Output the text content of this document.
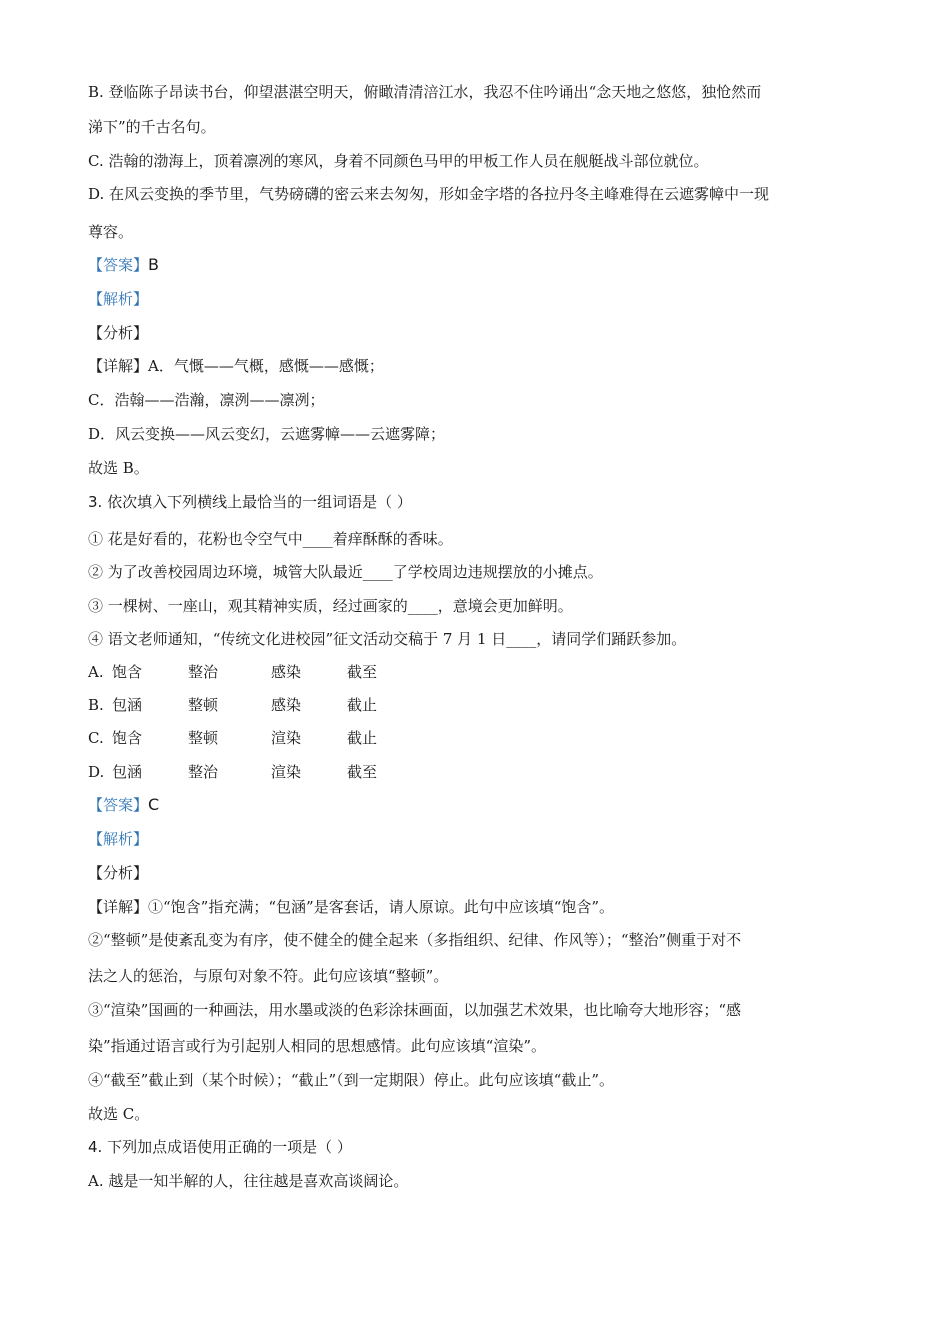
B. 登临陈子昂读书台，仰望湛湛空明天，俯瞰清清涪江水，我忍不住吟诵出“念天地之悠悠，独怆然而
涕下”的千古名句。
C. 浩翰的渤海上，顶着凛冽的寒风，身着不同颜色马甲的甲板工作人员在舰艇战斗部位就位。
D. 在风云变换的季节里，气势磅礴的密云来去匆匆，形如金字塔的各拉丹冬主峰难得在云遮雾幛中一现
尊容。
【答案】B
【解析】
【分析】
【详解】A．气慨——气概，感慨——感慨；
C．浩翰——浩瀚，凛洌——凛冽；
D．风云变换——风云变幻，云遮雾幛——云遮雾障；
故选 B。
3. 依次填入下列横线上最恰当的一组词语是（ ）
① 花是好看的，花粉也令空气中____着痒酥酥的香味。
② 为了改善校园周边环境，城管大队最近____了学校周边违规摆放的小摊点。
③ 一棵树、一座山，观其精神实质，经过画家的____，意境会更加鲜明。
④ 语文老师通知，“传统文化进校园”征文活动交稿于 7 月 1 日____，请同学们踊跃参加。
A. 饱含	整治	感染	截至
B. 包涵	整顿	感染	截止
C. 饱含	整顿	渲染	截止
D. 包涵	整治	渲染	截至
【答案】C
【解析】
【分析】
【详解】①“饱含”指充满；“包涵”是客套话，请人原谅。此句中应该填“饱含”。
②“整顿”是使紊乱变为有序，使不健全的健全起来（多指组织、纪律、作风等）；“整治”侧重于对不
法之人的惩治，与原句对象不符。此句应该填“整顿”。
③“渲染”国画的一种画法，用水墨或淡的色彩涂抹画面，以加强艺术效果，也比喻夸大地形容；“感
染”指通过语言或行为引起别人相同的思想感情。此句应该填“渲染”。
④“截至”截止到（某个时候）；“截止”（到一定期限）停止。此句应该填“截止”。
故选 C。
4. 下列加点成语使用正确的一项是（ ）
A. 越是一知半解的人，往往越是喜欢高谈阔论。
